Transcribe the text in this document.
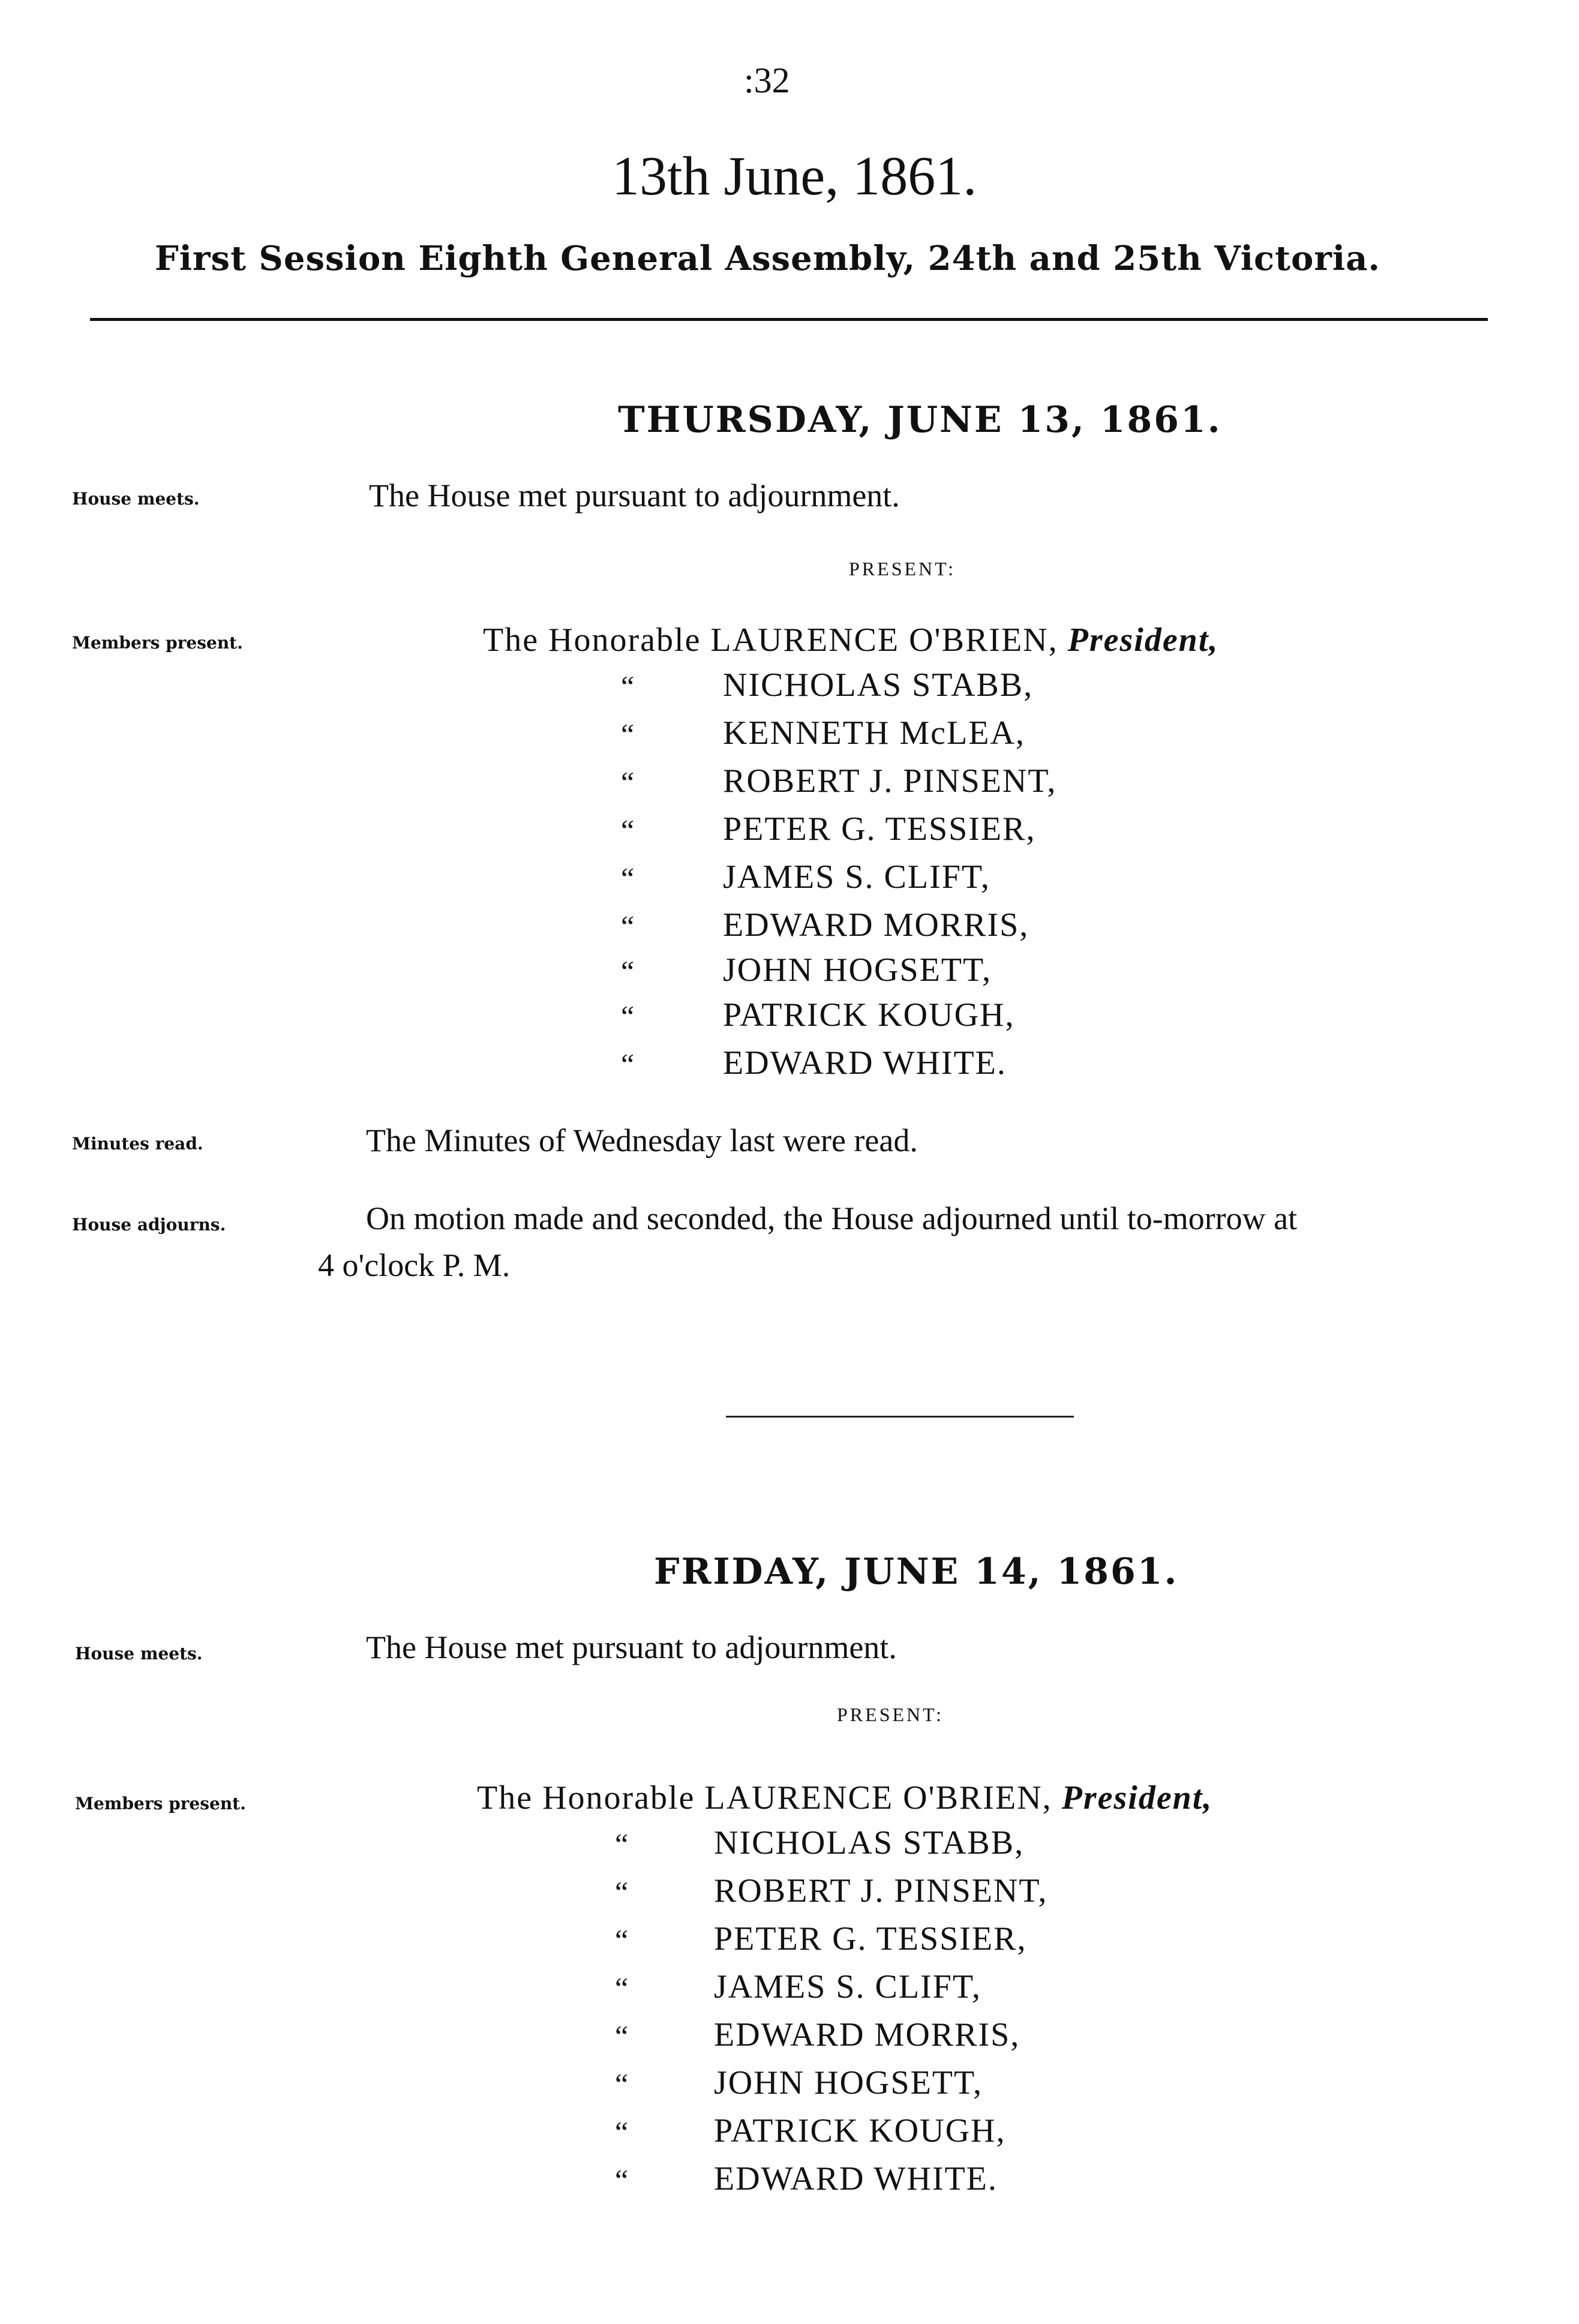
:32
13th June, 1861.
First Session Eighth General Assembly, 24th and 25th Victoria.
THURSDAY, JUNE 13, 1861.
House meets.	The House met pursuant to adjournment.
PRESENT:
Members present.	The Honorable LAURENCE O'BRIEN, President,
“	NICHOLAS STABB,
“	KENNETH McLEA,
“	ROBERT J. PINSENT,
“	PETER G. TESSIER,
“	JAMES S. CLIFT,
“	EDWARD MORRIS,
“	JOHN HOGSETT,
“	PATRICK KOUGH,
“	EDWARD WHITE.
Minutes read.	The Minutes of Wednesday last were read.
House adjourns.	On motion made and seconded, the House adjourned until to-morrow at
4 o'clock P. M.
FRIDAY, JUNE 14, 1861.
House meets.	The House met pursuant to adjournment.
PRESENT:
Members present.	The Honorable LAURENCE O'BRIEN, President,
“	NICHOLAS STABB,
“	ROBERT J. PINSENT,
“	PETER G. TESSIER,
“	JAMES S. CLIFT,
“	EDWARD MORRIS,
“	JOHN HOGSETT,
“	PATRICK KOUGH,
“	EDWARD WHITE.
